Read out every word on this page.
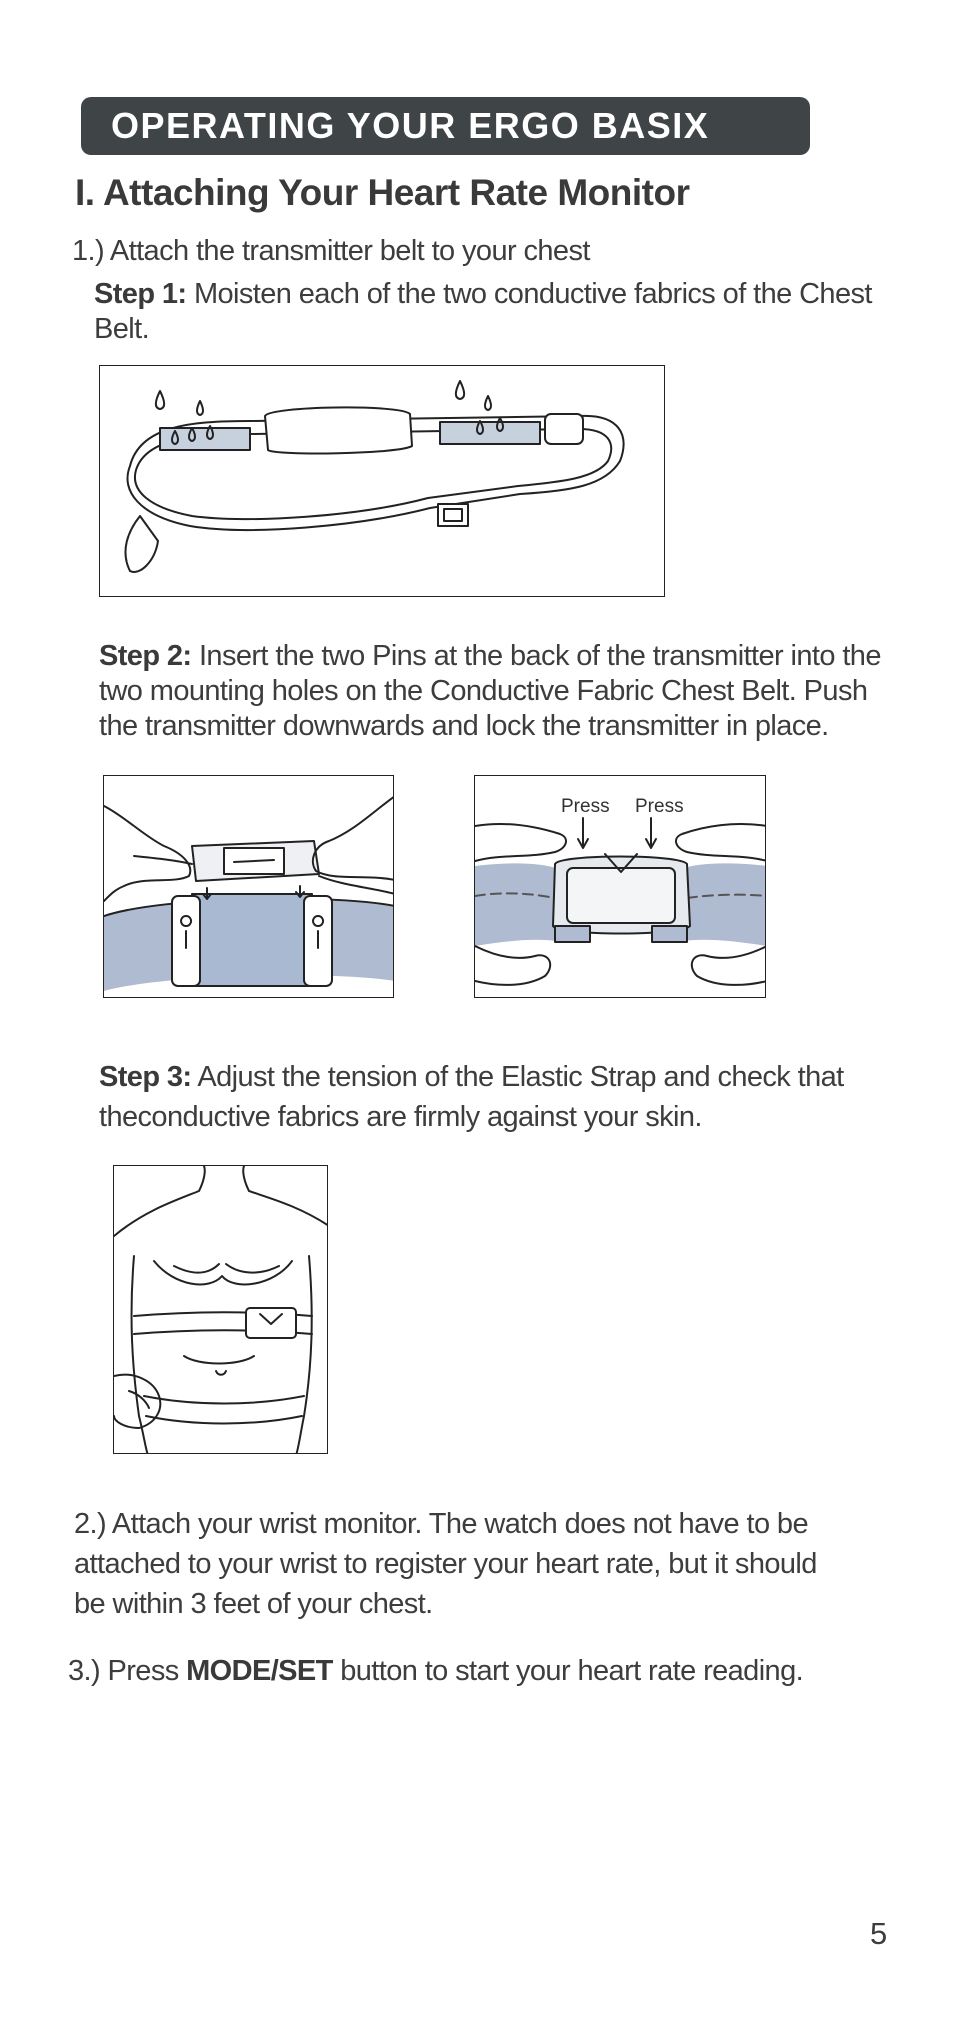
OPERATING YOUR ERGO BASIX
I. Attaching Your Heart Rate Monitor
1.) Attach the transmitter belt to your chest
Step 1: Moisten each of the two conductive fabrics of the Chest
Belt.
Step 2: Insert the two Pins at the back of the transmitter into the
two mounting holes on the Conductive Fabric Chest Belt. Push
the transmitter downwards and lock the transmitter in place.
Press Press
Step 3: Adjust the tension of the Elastic Strap and check that
theconductive fabrics are firmly against your skin.
2.) Attach your wrist monitor. The watch does not have to be
attached to your wrist to register your heart rate, but it should
be within 3 feet of your chest.
3.) Press MODE/SET button to start your heart rate reading.
5
